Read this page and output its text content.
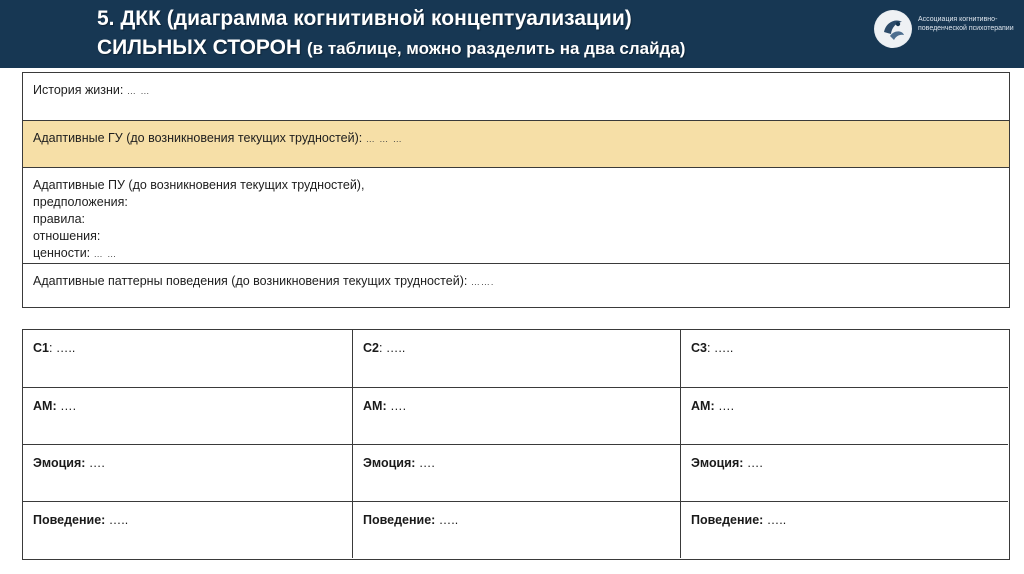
5. ДКК (диаграмма когнитивной концептуализации)
СИЛЬНЫХ СТОРОН (в таблице, можно разделить на два слайда)
Ассоциация когнитивно-поведенческой психотерапии
История жизни: … …
Адаптивные ГУ (до возникновения текущих трудностей): … … …
Адаптивные ПУ (до возникновения текущих трудностей),
предположения:
правила:
отношения:
ценности: … …
Адаптивные паттерны поведения (до возникновения текущих трудностей): …….
С1: …..	С2: …..	С3: …..
АМ: ….	АМ: ….	АМ: ….
Эмоция: ….	Эмоция: ….	Эмоция: ….
Поведение: …..	Поведение: …..	Поведение: …..
